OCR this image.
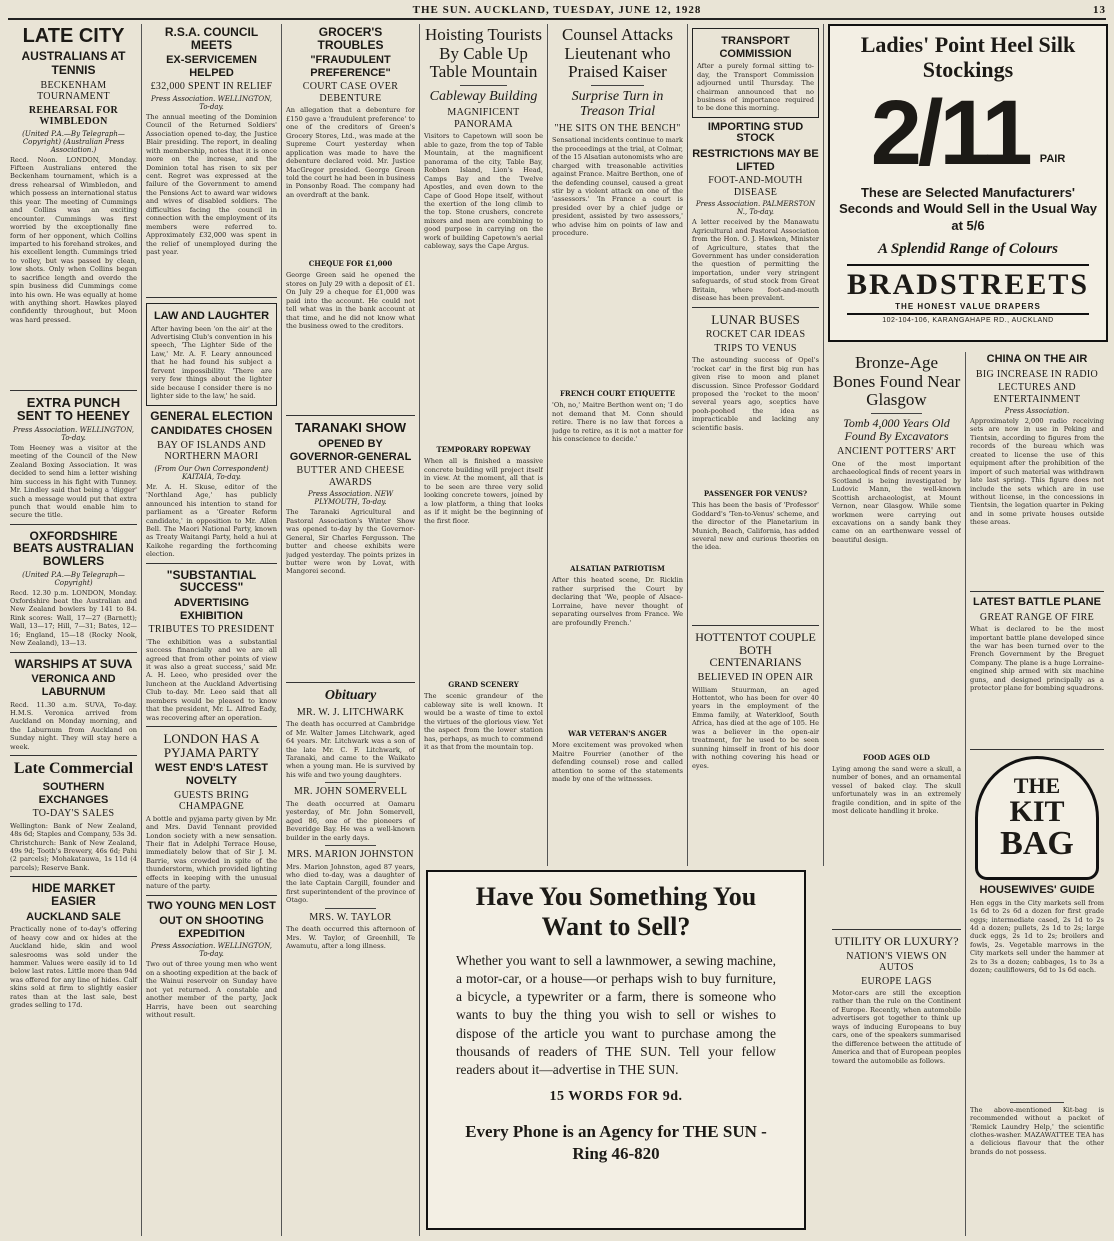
THE SUN. AUCKLAND, TUESDAY, JUNE 12, 1928	13
LATE CITY
AUSTRALIANS AT TENNIS
BECKENHAM TOURNAMENT
REHEARSAL FOR WIMBLEDON
(United P.A.—By Telegraph—Copyright) (Australian Press Association.)

Recd. Noon. LONDON, Monday. Fifteen Australians entered the Beckenham tournament, which is a dress rehearsal of Wimbledon, and which possess an international status this year. The meeting of Cummings and Collins was an exciting encounter. Cummings was first worried by the exceptionally fine form of her opponent, which Collins imparted to his forehand strokes, and his excellent length. Cummings tried to volley, but was passed by clean, low shots. Only when Collins began to sacrifice length and overdo the spin business did Cummings come into his own. He was equally at home with anything short. Hawkes played confidently throughout, but Moon was hard pressed.

EXTRA PUNCH SENT TO HEENEY
Press Association. WELLINGTON, To-day.

Tom Heeney was a visitor at the meeting of the Council of the New Zealand Boxing Association. It was decided to send him a letter wishing him success in his fight with Tunney. Mr. Lindley said that being a 'digger' such a message would put that extra punch that would enable him to secure the title.

OXFORDSHIRE BEATS AUSTRALIAN BOWLERS
(United P.A.—By Telegraph—Copyright)

Recd. 12.30 p.m. LONDON, Monday. Oxfordshire beat the Australian and New Zealand bowlers by 141 to 84. Rink scores: Wall, 17—27 (Barnett); Wall, 13—17; Hill, 7—31; Bates, 12—16; England, 15—18 (Rocky Nook, New Zealand), 13—13.

WARSHIPS AT SUVA
VERONICA AND LABURNUM

Recd. 11.30 a.m. SUVA, To-day. H.M.S. Veronica arrived from Auckland on Monday morning, and the Laburnum from Auckland on Sunday night. They will stay here a week.

Late Commercial
SOUTHERN EXCHANGES
TO-DAY'S SALES

Wellington: Bank of New Zealand, 48s 6d; Staples and Company, 53s 3d. Christchurch: Bank of New Zealand, 49s 9d; Tooth's Brewery, 46s 6d; Pahi (2 parcels); Mohakatauwa, 1s 11d (4 parcels); Reserve Bank.

HIDE MARKET EASIER
AUCKLAND SALE

Practically none of to-day's offering of heavy cow and ox hides at the Auckland hide, skin and wool salesrooms was sold under the hammer. Values were easily id to 1d below last rates. Little more than 94d was offered for any line of hides. Calf skins sold at firm to slightly easier rates than at the last sale, best grades selling to 17d.

R.S.A. COUNCIL MEETS
EX-SERVICEMEN HELPED
£32,000 SPENT IN RELIEF
Press Association. WELLINGTON, To-day.

The annual meeting of the Dominion Council of the Returned Soldiers' Association opened to-day, the Justice Blair presiding. The report, in dealing with membership, notes that it is once more on the increase, and the Dominion total has risen to six per cent. Regret was expressed at the failure of the Government to amend the Pensions Act to award war widows and wives of disabled soldiers. The difficulties facing the council in connection with the employment of its members were referred to. Approximately £32,000 was spent in the relief of unemployed during the past year.

LAW AND LAUGHTER

After having been 'on the air' at the Advertising Club's convention in his speech, 'The Lighter Side of the Law,' Mr. A. F. Leary announced that he had found his subject a fervent impossibility. 'There are very few things about the lighter side because I consider there is no lighter side to the law,' he said.

GENERAL ELECTION
CANDIDATES CHOSEN
BAY OF ISLANDS AND NORTHERN MAORI
(From Our Own Correspondent) KAITAIA, To-day.

Mr. A. H. Skuse, editor of the 'Northland Age,' has publicly announced his intention to stand for parliament as a 'Greater Reform candidate,' in opposition to Mr. Allen Bell. The Maori National Party, known as Treaty Waitangi Party, held a hui at Kaikohe regarding the forthcoming election.

"SUBSTANTIAL SUCCESS"
ADVERTISING EXHIBITION
TRIBUTES TO PRESIDENT

'The exhibition was a substantial success financially and we are all agreed that from other points of view it was also a great success,' said Mr. A. H. Leeo, who presided over the luncheon at the Auckland Advertising Club to-day. Mr. Leeo said that all members would be pleased to know that the president, Mr. L. Alfred Eady, was recovering after an operation.

LONDON HAS A PYJAMA PARTY
WEST END'S LATEST NOVELTY
GUESTS BRING CHAMPAGNE

A bottle and pyjama party given by Mr. and Mrs. David Tennant provided London society with a new sensation. Their flat in Adelphi Terrace House, immediately below that of Sir J. M. Barrie, was crowded in spite of the thunderstorm, which provided lighting effects in keeping with the unusual nature of the party.

TWO YOUNG MEN LOST
OUT ON SHOOTING EXPEDITION
Press Association. WELLINGTON, To-day.

Two out of three young men who went on a shooting expedition at the back of the Wainui reservoir on Sunday have not yet returned. A constable and another member of the party, Jack Harris, have been out searching without result.

GROCER'S TROUBLES
"FRAUDULENT PREFERENCE"
COURT CASE OVER DEBENTURE

An allegation that a debenture for £150 gave a 'fraudulent preference' to one of the creditors of Green's Grocery Stores, Ltd., was made at the Supreme Court yesterday when application was made to have the debenture declared void. Mr. Justice MacGregor presided. George Green told the court he had been in business in Ponsonby Road. The company had an overdraft at the bank.

CHEQUE FOR £1,000

George Green said he opened the stores on July 29 with a deposit of £1. On July 29 a cheque for £1,000 was paid into the account. He could not tell what was in the bank account at that time, and he did not know what the business owed to the creditors.

TARANAKI SHOW
OPENED BY GOVERNOR-GENERAL
BUTTER AND CHEESE AWARDS
Press Association. NEW PLYMOUTH, To-day.

The Taranaki Agricultural and Pastoral Association's Winter Show was opened to-day by the Governor-General, Sir Charles Fergusson. The butter and cheese exhibits were judged yesterday. The points prizes in butter were won by Lovat, with Mangorei second.

Obituary
MR. W. J. LITCHWARK

The death has occurred at Cambridge of Mr. Walter James Litchwark, aged 64 years. Mr. Litchwark was a son of the late Mr. C. F. Litchwark, of Taranaki, and came to the Waikato when a young man. He is survived by his wife and two young daughters.

MR. JOHN SOMERVELL

The death occurred at Oamaru yesterday, of Mr. John Somervell, aged 86, one of the pioneers of Beveridge Bay. He was a well-known builder in the early days.

MRS. MARION JOHNSTON

Mrs. Marion Johnston, aged 87 years, who died to-day, was a daughter of the late Captain Cargill, founder and first superintendent of the province of Otago.

MRS. W. TAYLOR

The death occurred this afternoon of Mrs. W. Taylor, of Greenhill, Te Awamutu, after a long illness.

Hoisting Tourists By Cable Up Table Mountain
Cableway Building
MAGNIFICENT PANORAMA

Visitors to Capetown will soon be able to gaze, from the top of Table Mountain, at the magnificent panorama of the city, Table Bay, Robben Island, Lion's Head, Camps Bay and the Twelve Apostles, and even down to the Cape of Good Hope itself, without the exertion of the long climb to the top. Stone crushers, concrete mixers and men are combining to good purpose in carrying on the work of building Capetown's aerial cableway, says the Cape Argus.

TEMPORARY ROPEWAY

When all is finished a massive concrete building will project itself in view. At the moment, all that is to be seen are three very solid looking concrete towers, joined by a low platform, a thing that looks as if it might be the beginning of the first floor.

GRAND SCENERY

The scenic grandeur of the cableway site is well known. It would be a waste of time to extol the virtues of the glorious view. Yet the aspect from the lower station has, perhaps, as much to commend it as that from the mountain top.

Counsel Attacks Lieutenant who Praised Kaiser
Surprise Turn in Treason Trial
"HE SITS ON THE BENCH"

Sensational incidents continue to mark the proceedings at the trial, at Colmar, of the 15 Alsatian autonomists who are charged with treasonable activities against France. Maitre Berthon, one of the defending counsel, caused a great stir by a violent attack on one of the 'assessors.' 'In France a court is presided over by a chief judge or president, assisted by two assessors,' who advise him on points of law and procedure.

FRENCH COURT ETIQUETTE

'Oh, no,' Maitre Berthon went on; 'I do not demand that M. Conn should retire. There is no law that forces a judge to retire, as it is not a matter for his conscience to decide.'

ALSATIAN PATRIOTISM

After this heated scene, Dr. Ricklin rather surprised the Court by declaring that 'We, people of Alsace-Lorraine, have never thought of separating ourselves from France. We are profoundly French.'

WAR VETERAN'S ANGER

More excitement was provoked when Maitre Fourrier (another of the defending counsel) rose and called attention to some of the statements made by one of the witnesses.

TRANSPORT COMMISSION

After a purely formal sitting to-day, the Transport Commission adjourned until Thursday. The chairman announced that no business of importance required to be done this morning.

IMPORTING STUD STOCK
RESTRICTIONS MAY BE LIFTED
FOOT-AND-MOUTH DISEASE
Press Association. PALMERSTON N., To-day.

A letter received by the Manawatu Agricultural and Pastoral Association from the Hon. O. J. Hawken, Minister of Agriculture, states that the Government has under consideration the question of permitting the importation, under very stringent safeguards, of stud stock from Great Britain, where foot-and-mouth disease has been prevalent.

LUNAR BUSES
ROCKET CAR IDEAS
TRIPS TO VENUS

The astounding success of Opel's 'rocket car' in the first big run has given rise to moon and planet discussion. Since Professor Goddard proposed the 'rocket to the moon' several years ago, sceptics have pooh-poohed the idea as impracticable and lacking any scientific basis.

PASSENGER FOR VENUS?

This has been the basis of 'Professor' Goddard's 'Ten-to-Venus' scheme, and the director of the Planetarium in Munich, Beach, California, has added several new and curious theories on the idea.

HOTTENTOT COUPLE BOTH CENTENARIANS
BELIEVED IN OPEN AIR

William Stuurman, an aged Hottentot, who has been for over 40 years in the employment of the Emma family, at Waterkloof, South Africa, has died at the age of 105. He was a believer in the open-air treatment, for he used to be seen sunning himself in front of his door with nothing covering his head or eyes.

Have You Something You Want to Sell?
Whether you want to sell a lawnmower, a sewing machine, a motor-car, or a house—or perhaps wish to buy furniture, a bicycle, a typewriter or a farm, there is someone who wants to buy the thing you wish to sell or wishes to dispose of the article you want to purchase among the thousands of readers of THE SUN. Tell your fellow readers about it—advertise in THE SUN.
15 WORDS FOR 9d.
Every Phone is an Agency for THE SUN - Ring 46-820
Ladies' Point Heel Silk
Stockings
2/11 PAIR
These are Selected Manufacturers' Seconds and Would Sell in the Usual Way at 5/6
A Splendid Range of Colours
BRADSTREETS
THE HONEST VALUE DRAPERS
102-104-106, KARANGAHAPE RD., AUCKLAND
Bronze-Age Bones Found Near Glasgow
Tomb 4,000 Years Old Found By Excavators
ANCIENT POTTERS' ART

One of the most important archaeological finds of recent years in Scotland is being investigated by Ludovic Mann, the well-known Scottish archaeologist, at Mount Vernon, near Glasgow. While some workmen were carrying out excavations on a sandy bank they came on an earthenware vessel of beautiful design.

FOOD AGES OLD

Lying among the sand were a skull, a number of bones, and an ornamental vessel of baked clay. The skull unfortunately was in an extremely fragile condition, and in spite of the most delicate handling it broke.

UTILITY OR LUXURY?
NATION'S VIEWS ON AUTOS
EUROPE LAGS

Motor-cars are still the exception rather than the rule on the Continent of Europe. Recently, when automobile advertisers got together to think up ways of inducing Europeans to buy cars, one of the speakers summarised the difference between the attitude of America and that of European peoples toward the automobile as follows.

CHINA ON THE AIR
BIG INCREASE IN RADIO
LECTURES AND ENTERTAINMENT
Press Association.

Approximately 2,000 radio receiving sets are now in use in Peking and Tientsin, according to figures from the records of the bureau which was created to license the use of this equipment after the prohibition of the import of such material was withdrawn late last spring. This figure does not include the sets which are in use without license, in the concessions in Tientsin, the legation quarter in Peking and in some private houses outside these areas.

LATEST BATTLE PLANE
GREAT RANGE OF FIRE

What is declared to be the most important battle plane developed since the war has been turned over to the French Government by the Breguet Company. The plane is a huge Lorraine-engined ship armed with six machine guns, and designed principally as a protector plane for bombing squadrons.

THE
KIT
BAG
HOUSEWIVES' GUIDE

Hen eggs in the City markets sell from 1s 6d to 2s 6d a dozen for first grade eggs; intermediate cased, 2s 1d to 2s 4d a dozen; pullets, 2s 1d to 2s; large duck eggs, 2s 1d to 2s; broilers and fowls, 2s. Vegetable marrows in the City markets sell under the hammer at 2s to 3s a dozen; cabbages, 1s to 3s a dozen; cauliflowers, 6d to 1s 6d each.

The above-mentioned Kit-bag is recommended without a packet of 'Remick Laundry Help,' the scientific clothes-washer. MAZAWATTEE TEA has a delicious flavour that the other brands do not possess.
